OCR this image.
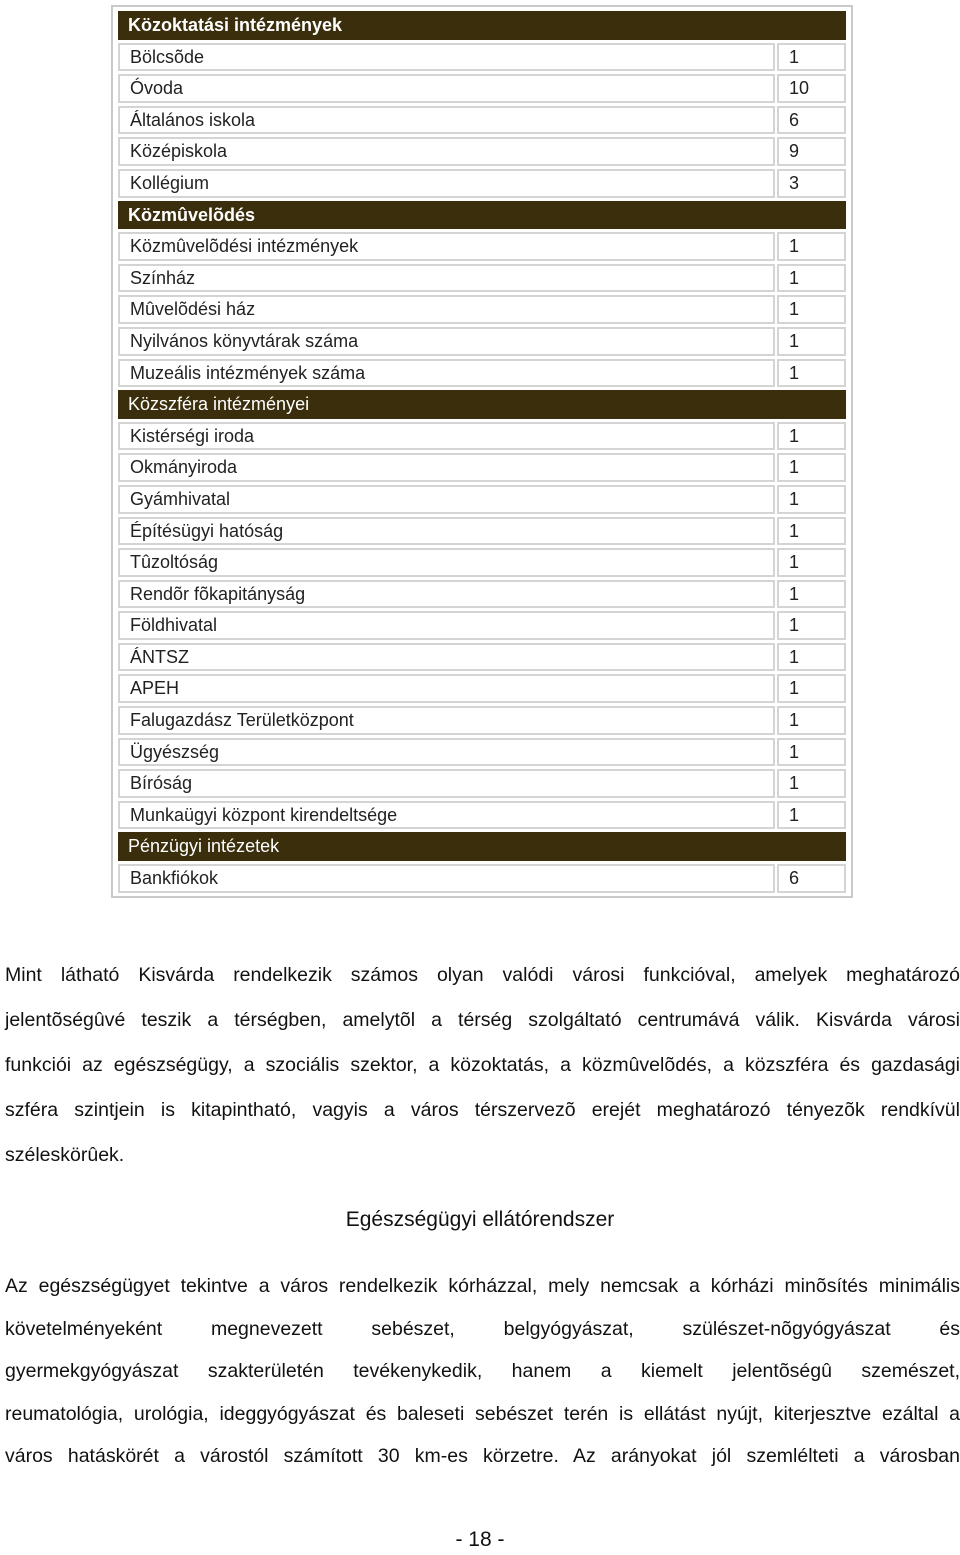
Közoktatási intézmények
Bölcsõde	1
Óvoda	10
Általános iskola	6
Középiskola	9
Kollégium	3
Közmûvelõdés
Közmûvelõdési intézmények	1
Színház	1
Mûvelõdési ház	1
Nyilvános könyvtárak száma	1
Muzeális intézmények száma	1
Közszféra intézményei
Kistérségi iroda	1
Okmányiroda	1
Gyámhivatal	1
Építésügyi hatóság	1
Tûzoltóság	1
Rendõr fõkapitányság	1
Földhivatal	1
ÁNTSZ	1
APEH	1
Falugazdász Területközpont	1
Ügyészség	1
Bíróság	1
Munkaügyi központ kirendeltsége	1
Pénzügyi intézetek
Bankfiókok	6
Mint látható Kisvárda rendelkezik számos olyan valódi városi funkcióval, amelyek meghatározó
jelentõségûvé teszik a térségben, amelytõl a térség szolgáltató centrumává válik. Kisvárda városi
funkciói az egészségügy, a szociális szektor, a közoktatás, a közmûvelõdés, a közszféra és gazdasági
szféra szintjein is kitapintható, vagyis a város térszervezõ erejét meghatározó tényezõk rendkívül
széleskörûek.
Egészségügyi ellátórendszer
Az egészségügyet tekintve a város rendelkezik kórházzal, mely nemcsak a kórházi minõsítés minimális
követelményeként megnevezett sebészet, belgyógyászat, szülészet-nõgyógyászat és
gyermekgyógyászat szakterületén tevékenykedik, hanem a kiemelt jelentõségû szemészet,
reumatológia, urológia, ideggyógyászat és baleseti sebészet terén is ellátást nyújt, kiterjesztve ezáltal a
város hatáskörét a várostól számított 30 km-es körzetre. Az arányokat jól szemlélteti a városban
- 18 -
